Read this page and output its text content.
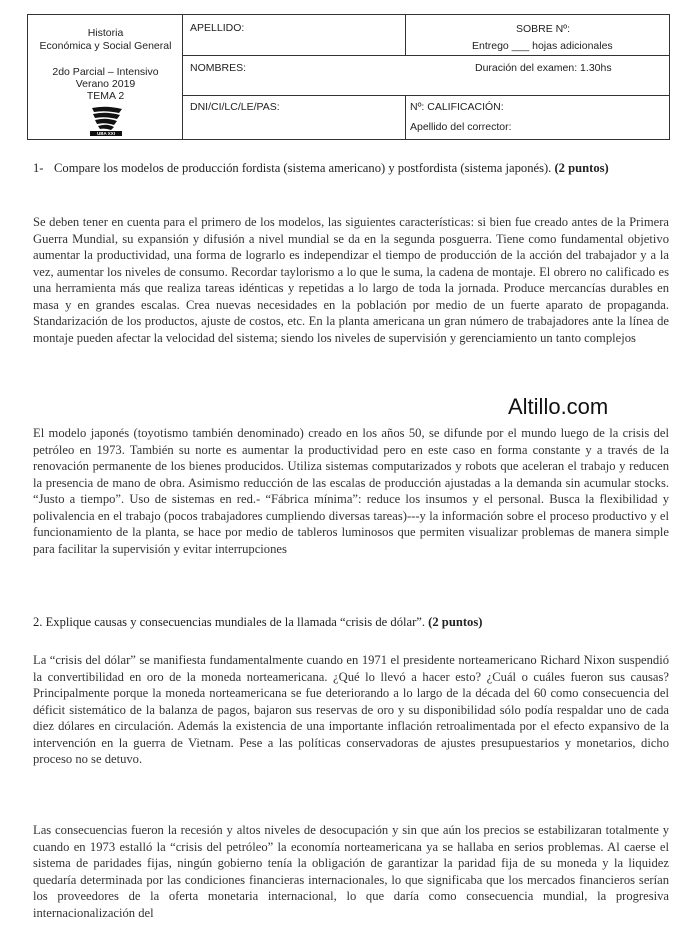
Historia
Económica y Social General
2do Parcial – Intensivo
Verano 2019
TEMA 2
UBA XXI
APELLIDO:	SOBRE Nº:
Entrego ___ hojas adicionales
NOMBRES:	Duración del examen: 1.30hs
DNI/CI/LC/LE/PAS:	Nº: CALIFICACIÓN:
Apellido del corrector:

1- Compare los modelos de producción fordista (sistema americano) y postfordista (sistema japonés). (2 puntos)

Se deben tener en cuenta para el primero de los modelos, las siguientes características: si bien fue creado antes de la Primera Guerra Mundial, su expansión y difusión a nivel mundial se da en la segunda posguerra. Tiene como fundamental objetivo aumentar la productividad, una forma de lograrlo es independizar el tiempo de producción de la acción del trabajador y a la vez, aumentar los niveles de consumo. Recordar taylorismo a lo que le suma, la cadena de montaje. El obrero no calificado es una herramienta más que realiza tareas idénticas y repetidas a lo largo de toda la jornada. Produce mercancías durables en masa y en grandes escalas. Crea nuevas necesidades en la población por medio de un fuerte aparato de propaganda. Standarización de los productos, ajuste de costos, etc. En la planta americana un gran número de trabajadores ante la línea de montaje pueden afectar la velocidad del sistema; siendo los niveles de supervisión y gerenciamiento un tanto complejos

Altillo.com

El modelo japonés (toyotismo también denominado) creado en los años 50, se difunde por el mundo luego de la crisis del petróleo en 1973. También su norte es aumentar la productividad pero en este caso en forma constante y a través de la renovación permanente de los bienes producidos. Utiliza sistemas computarizados y robots que aceleran el trabajo y reducen la presencia de mano de obra. Asimismo reducción de las escalas de producción ajustadas a la demanda sin acumular stocks. “Justo a tiempo”. Uso de sistemas en red.- “Fábrica mínima”: reduce los insumos y el personal. Busca la flexibilidad y polivalencia en el trabajo (pocos trabajadores cumpliendo diversas tareas)---y la información sobre el proceso productivo y el funcionamiento de la planta, se hace por medio de tableros luminosos que permiten visualizar problemas de manera simple para facilitar la supervisión y evitar interrupciones

2. Explique causas y consecuencias mundiales de la llamada “crisis de dólar”. (2 puntos)

La “crisis del dólar” se manifiesta fundamentalmente cuando en 1971 el presidente norteamericano Richard Nixon suspendió la convertibilidad en oro de la moneda norteamericana. ¿Qué lo llevó a hacer esto? ¿Cuál o cuáles fueron sus causas? Principalmente porque la moneda norteamericana se fue deteriorando a lo largo de la década del 60 como consecuencia del déficit sistemático de la balanza de pagos, bajaron sus reservas de oro y su disponibilidad sólo podía respaldar uno de cada diez dólares en circulación. Además la existencia de una importante inflación retroalimentada por el efecto expansivo de la intervención en la guerra de Vietnam. Pese a las políticas conservadoras de ajustes presupuestarios y monetarios, dicho proceso no se detuvo.

Las consecuencias fueron la recesión y altos niveles de desocupación y sin que aún los precios se estabilizaran totalmente y cuando en 1973 estalló la “crisis del petróleo” la economía norteamericana ya se hallaba en serios problemas. Al caerse el sistema de paridades fijas, ningún gobierno tenía la obligación de garantizar la paridad fija de su moneda y la liquidez quedaría determinada por las condiciones financieras internacionales, lo que significaba que los mercados financieros serían los proveedores de la oferta monetaria internacional, lo que daría como consecuencia mundial, la progresiva internacionalización del
